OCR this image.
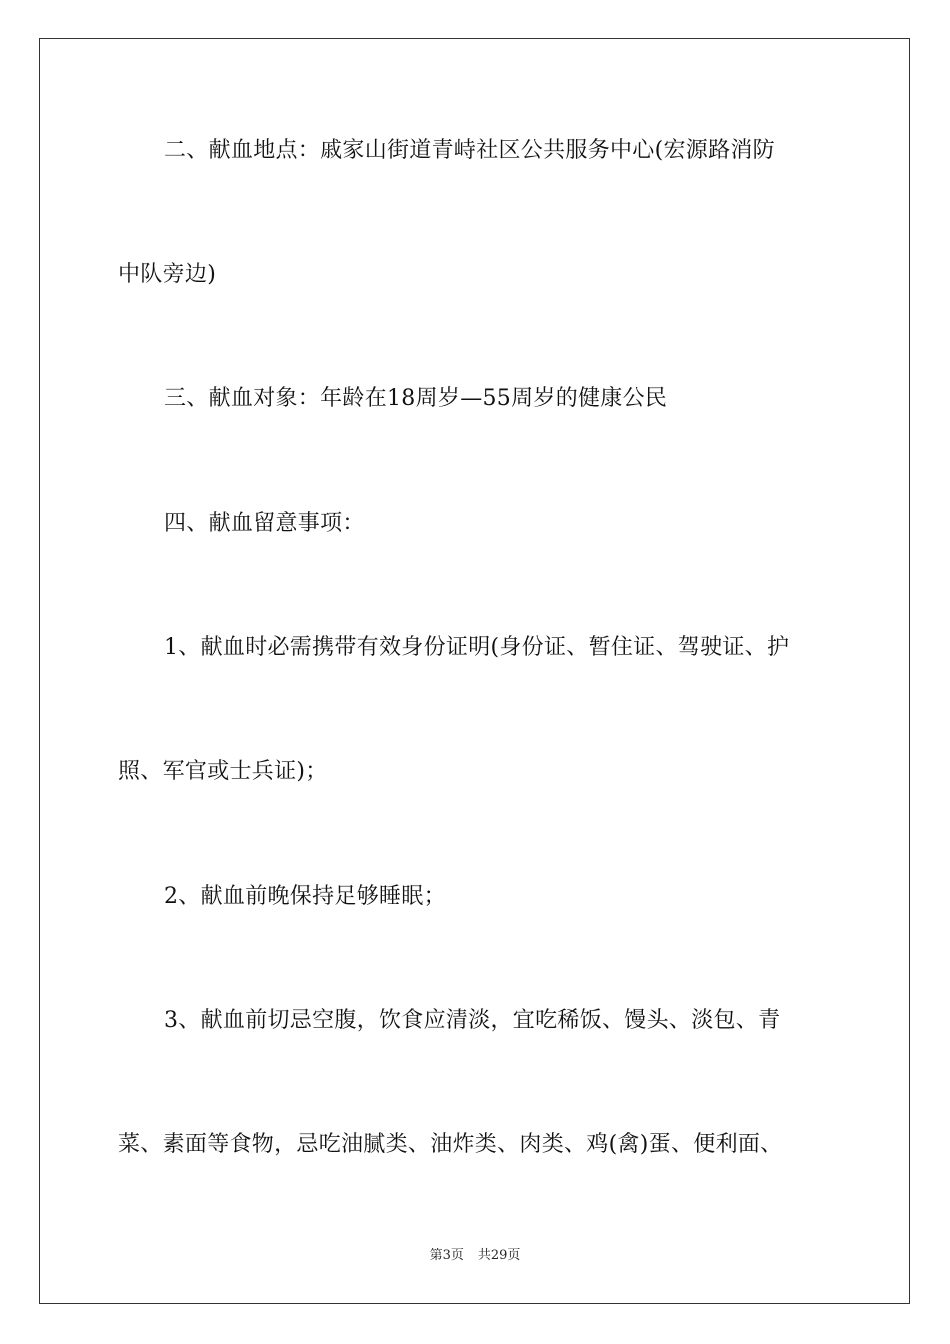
二、献血地点：戚家山街道青峙社区公共服务中心(宏源路消防
中队旁边)
三、献血对象：年龄在18周岁—55周岁的健康公民
四、献血留意事项：
1、献血时必需携带有效身份证明(身份证、暂住证、驾驶证、护
照、军官或士兵证)；
2、献血前晚保持足够睡眠；
3、献血前切忌空腹，饮食应清淡，宜吃稀饭、馒头、淡包、青
菜、素面等食物，忌吃油腻类、油炸类、肉类、鸡(禽)蛋、便利面、
第3页 共29页
